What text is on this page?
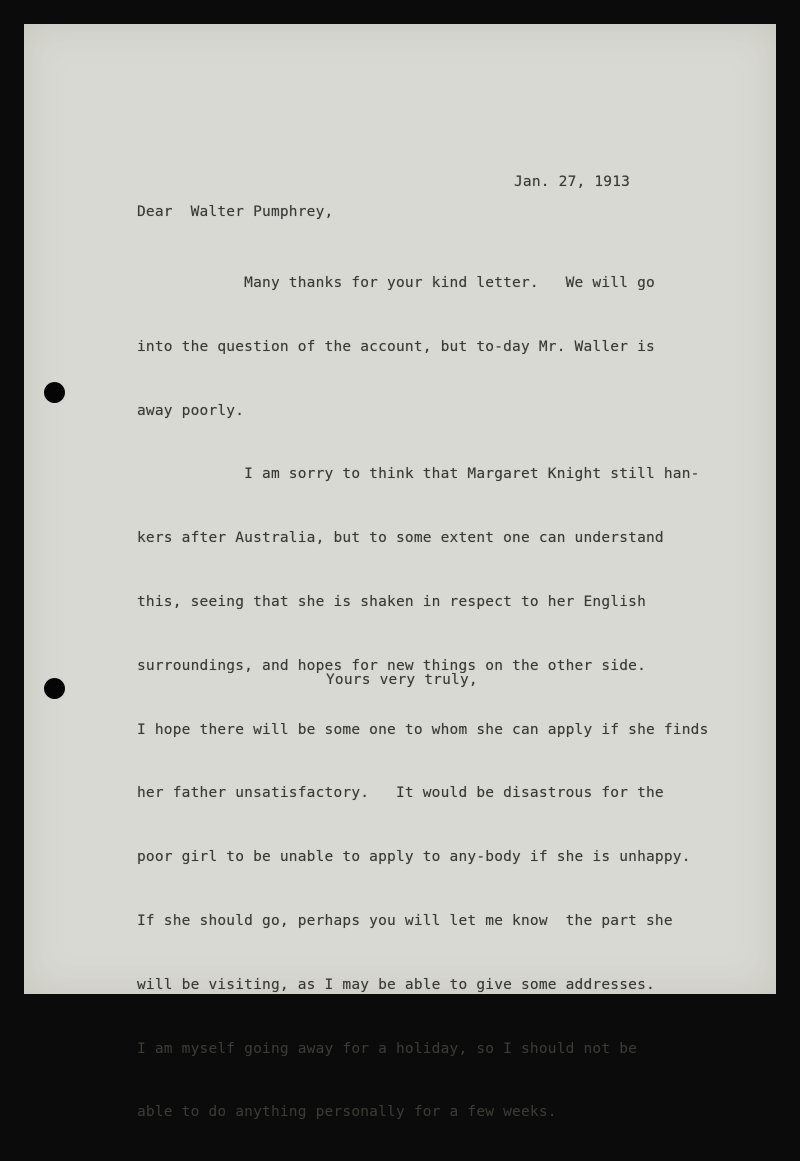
Jan. 27, 1913
Dear  Walter Pumphrey,

Many thanks for your kind letter.   We will go

into the question of the account, but to-day Mr. Waller is

away poorly.

I am sorry to think that Margaret Knight still han-

kers after Australia, but to some extent one can understand

this, seeing that she is shaken in respect to her English

surroundings, and hopes for new things on the other side.

I hope there will be some one to whom she can apply if she finds

her father unsatisfactory.   It would be disastrous for the

poor girl to be unable to apply to any-body if she is unhappy.

If she should go, perhaps you will let me know  the part she

will be visiting, as I may be able to give some addresses.

I am myself going away for a holiday, so I should not be

able to do anything personally for a few weeks.

Yours very truly,
